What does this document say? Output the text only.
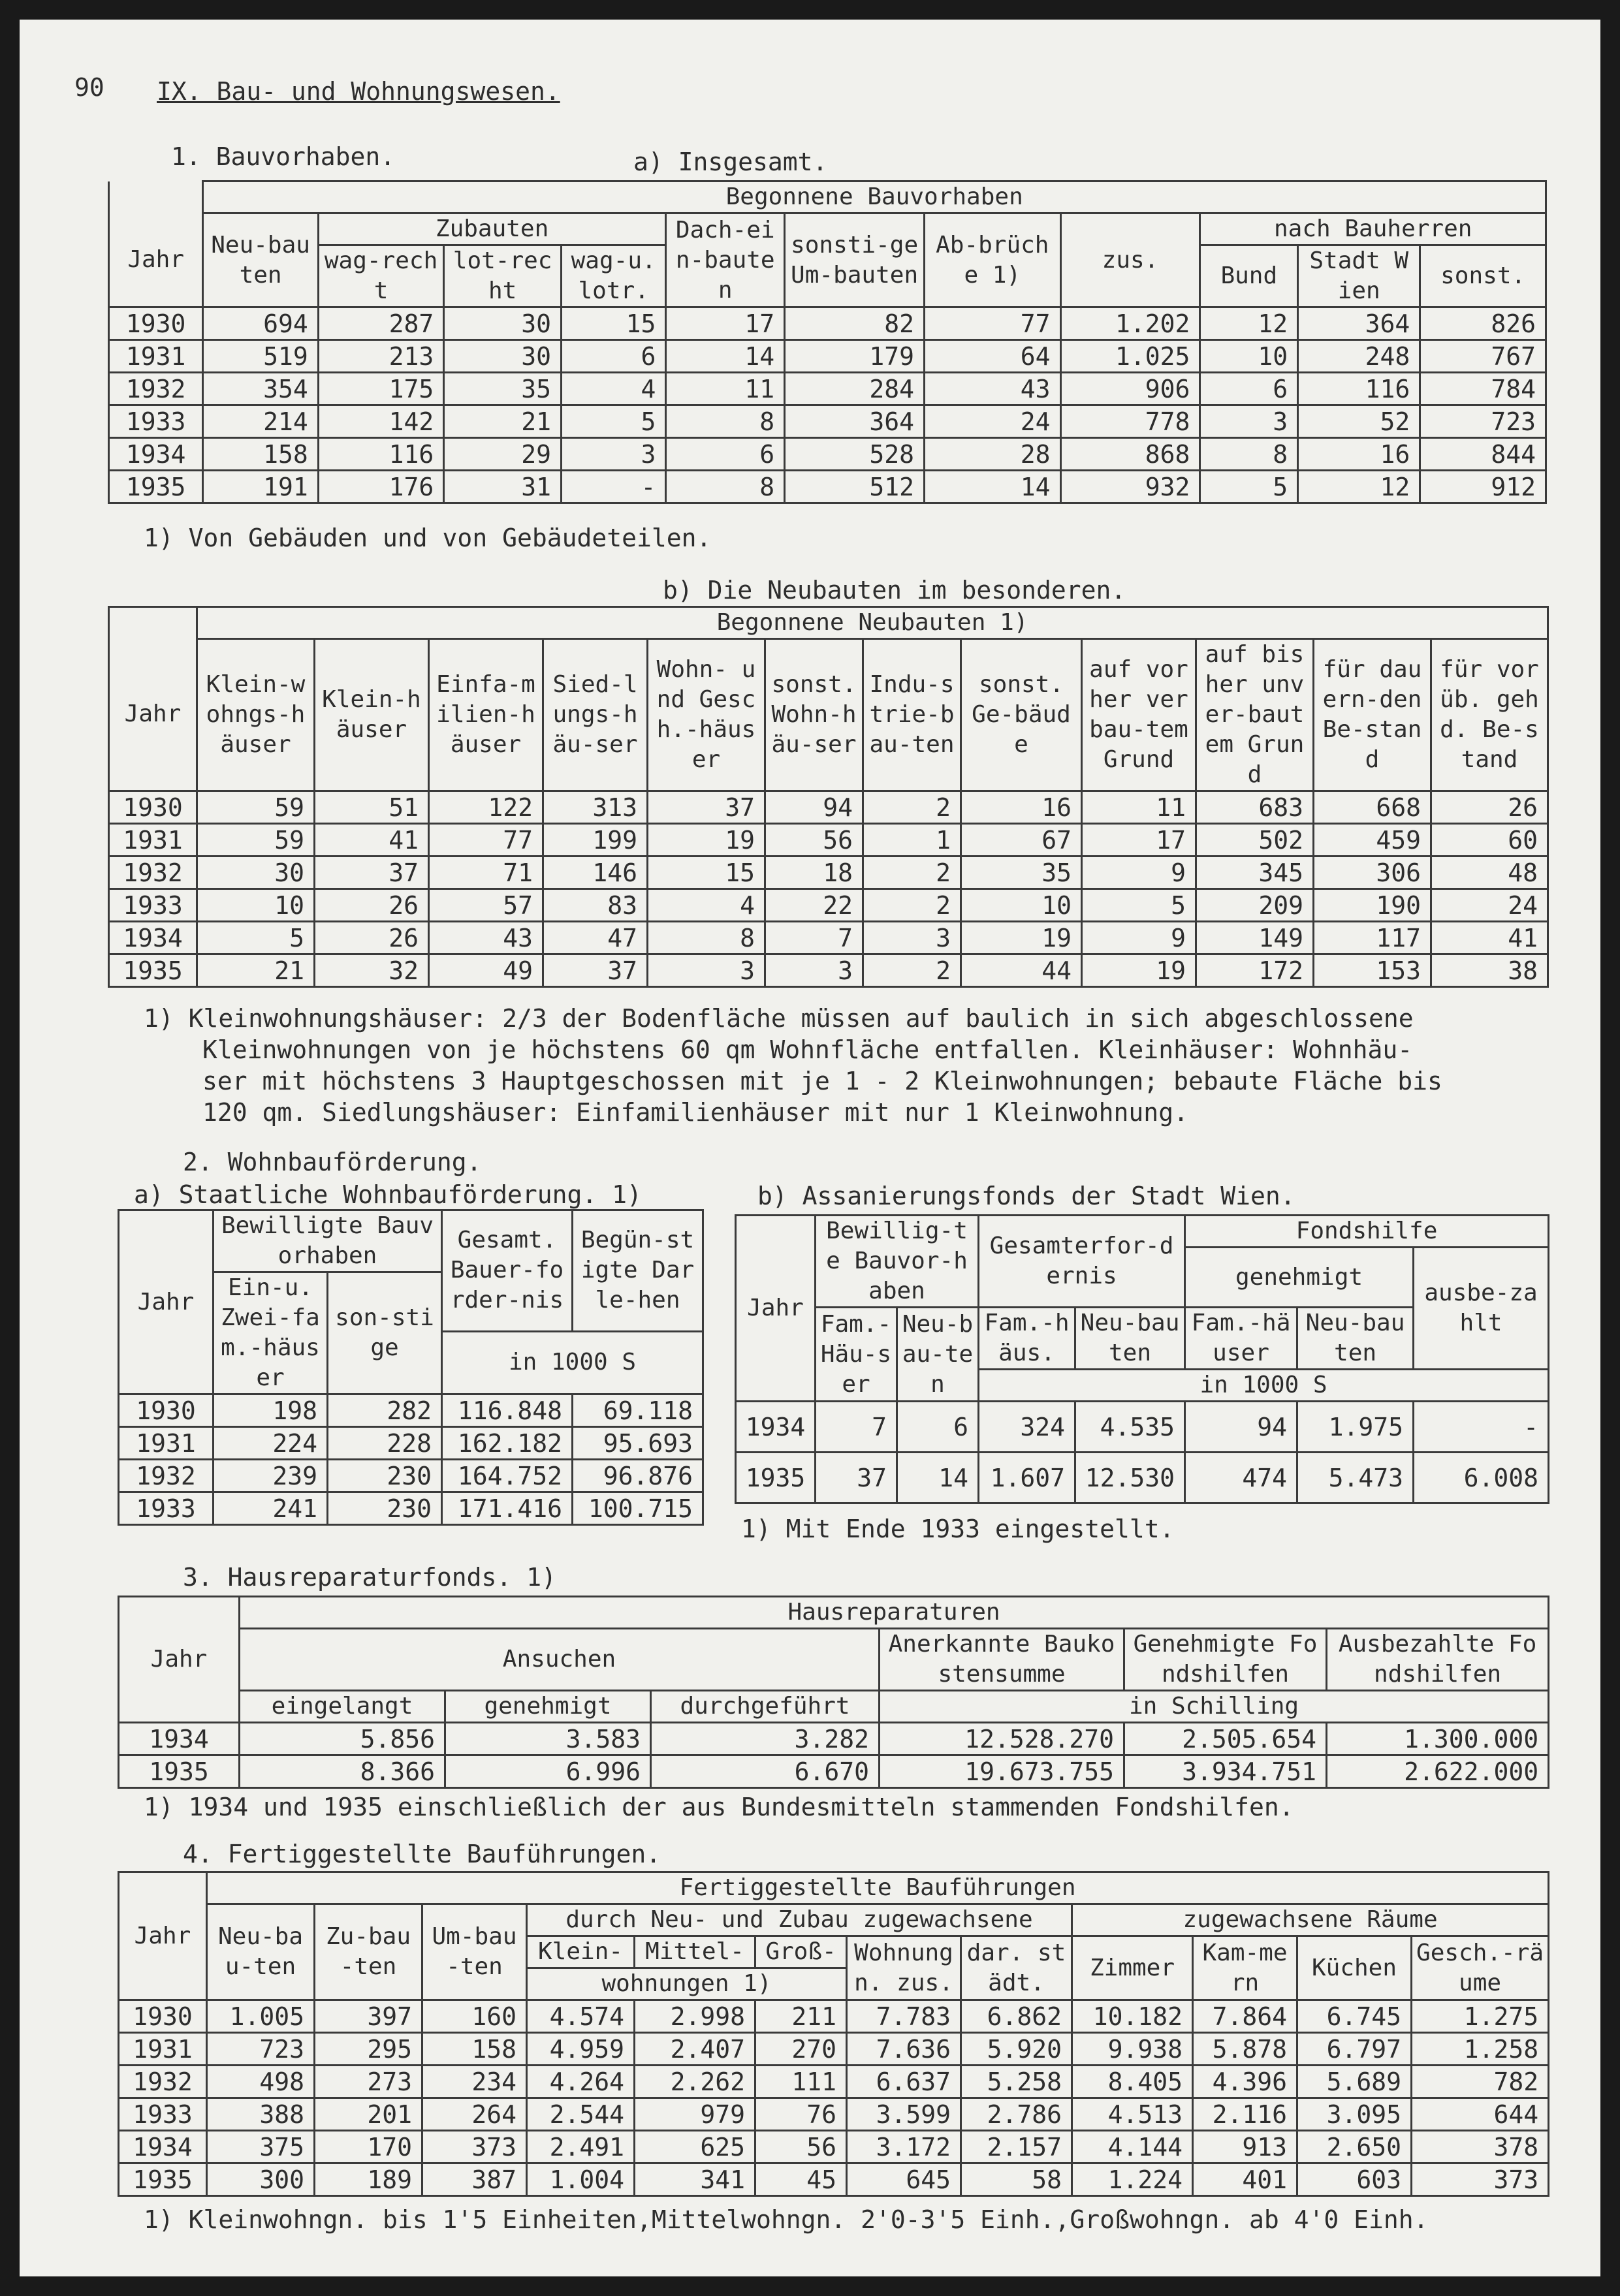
90 IX. Bau- und Wohnungswesen.
1. Bauvorhaben.	a) Insgesamt.
	Begonnene Bauvorhaben										
Jahr	Neu-bauten	Zubauten			Dach-ein-bauten	sonsti-ge Um-bauten	Ab-brüche 1)	zus.	nach Bauherren		
		wag-recht	lot-recht	wag-u. lotr.					Bund	Stadt Wien	sonst.
1930	694	287	30	15	17	82	77	1.202	12	364	826
1931	519	213	30	6	14	179	64	1.025	10	248	767
1932	354	175	35	4	11	284	43	906	6	116	784
1933	214	142	21	5	8	364	24	778	3	52	723
1934	158	116	29	3	6	528	28	868	8	16	844
1935	191	176	31	-	8	512	14	932	5	12	912
1) Von Gebäuden und von Gebäudeteilen.
b) Die Neubauten im besonderen.
	Begonnene Neubauten 1)											
Jahr	Klein-wohngs-häuser	Klein-häuser	Einfa-milien-häuser	Sied-lungs-häu-ser	Wohn- und Gesch.-häuser	sonst. Wohn-häu-ser	Indu-strie-bau-ten	sonst. Ge-bäude	auf vorher verbau-tem Grund	auf bisher unver-bautem Grund	für dauern-den Be-stand	für vorüb. gehd. Be-stand
1930	59	51	122	313	37	94	2	16	11	683	668	26
1931	59	41	77	199	19	56	1	67	17	502	459	60
1932	30	37	71	146	15	18	2	35	9	345	306	48
1933	10	26	57	83	4	22	2	10	5	209	190	24
1934	5	26	43	47	8	7	3	19	9	149	117	41
1935	21	32	49	37	3	3	2	44	19	172	153	38
1) Kleinwohnungshäuser: 2/3 der Bodenfläche müssen auf baulich in sich abgeschlossene
Kleinwohnungen von je höchstens 60 qm Wohnfläche entfallen. Kleinhäuser: Wohnhäu-
ser mit höchstens 3 Hauptgeschossen mit je 1 - 2 Kleinwohnungen; bebaute Fläche bis
120 qm. Siedlungshäuser: Einfamilienhäuser mit nur 1 Kleinwohnung.
2. Wohnbauförderung.
a) Staatliche Wohnbauförderung. 1)	b) Assanierungsfonds der Stadt Wien.
Jahr	Bewilligte Bauvorhaben		Gesamt. Bauer-forder-nis	Begün-stigte Darle-hen
	Ein-u. Zwei-fam.-häuser	son-stige		
			in 1000 S	
1930	198	282	116.848	69.118
1931	224	228	162.182	95.693
1932	239	230	164.752	96.876
1933	241	230	171.416	100.715
Jahr	Bewillig-te Bauvor-haben		Gesamterfor-dernis		Fondshilfe		
					genehmigt		ausbe-zahlt
	Fam.-Häu-ser	Neu-bau-ten	Fam.-häus.	Neu-bauten	Fam.-häuser	Neu-bauten	
			in 1000 S				
1934	7	6	324	4.535	94	1.975	-
1935	37	14	1.607	12.530	474	5.473	6.008
1) Mit Ende 1933 eingestellt.
3. Hausreparaturfonds. 1)
Jahr	Hausreparaturen					
	Ansuchen			Anerkannte Baukostensumme	Genehmigte Fondshilfen	Ausbezahlte Fondshilfen
	eingelangt	genehmigt	durchgeführt	in Schilling		
1934	5.856	3.583	3.282	12.528.270	2.505.654	1.300.000
1935	8.366	6.996	6.670	19.673.755	3.934.751	2.622.000
1) 1934 und 1935 einschließlich der aus Bundesmitteln stammenden Fondshilfen.
4. Fertiggestellte Bauführungen.
Jahr	Fertiggestellte Bauführungen											
	Neu-bau-ten	Zu-bau-ten	Um-bau-ten	durch Neu- und Zubau zugewachsene					zugewachsene Räume			
				Klein-	Mittel-	Groß-	Wohnungn. zus.	dar. städt.	Zimmer	Kam-mern	Küchen	Gesch.-räume
				wohnungen 1)								
1930	1.005	397	160	4.574	2.998	211	7.783	6.862	10.182	7.864	6.745	1.275
1931	723	295	158	4.959	2.407	270	7.636	5.920	9.938	5.878	6.797	1.258
1932	498	273	234	4.264	2.262	111	6.637	5.258	8.405	4.396	5.689	782
1933	388	201	264	2.544	979	76	3.599	2.786	4.513	2.116	3.095	644
1934	375	170	373	2.491	625	56	3.172	2.157	4.144	913	2.650	378
1935	300	189	387	1.004	341	45	645	58	1.224	401	603	373
1) Kleinwohngn. bis 1'5 Einheiten,Mittelwohngn. 2'0-3'5 Einh.,Großwohngn. ab 4'0 Einh.
